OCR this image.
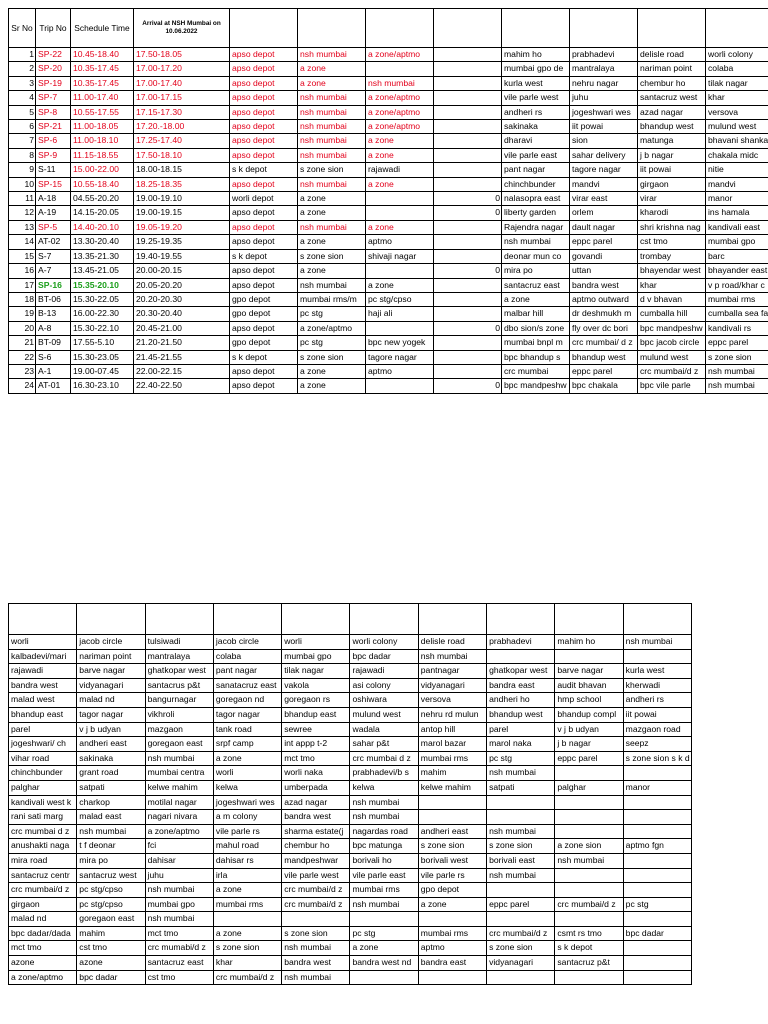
Sr No	Trip No	Schedule Time	Arrival at NSH Mumbai on 10.06.2022								
1	SP-22	10.45-18.40	17.50-18.05	apso depot	nsh mumbai	a zone/aptmo		mahim ho	prabhadevi	delisle road	worli colony
2	SP-20	10.35-17.45	17.00-17.20	apso depot	a zone			mumbai gpo de	mantralaya	nariman point	colaba
3	SP-19	10.35-17.45	17.00-17.40	apso depot	a zone	nsh mumbai		kurla west	nehru nagar	chembur ho	tilak nagar
4	SP-7	11.00-17.40	17.00-17.15	apso depot	nsh mumbai	a zone/aptmo		vile parle west	juhu	santacruz west	khar
5	SP-8	10.55-17.55	17.15-17.30	apso depot	nsh mumbai	a zone/aptmo		andheri rs	jogeshwari wes	azad nagar	versova
6	SP-21	11.00-18.05	17.20.-18.00	apso depot	nsh mumbai	a zone/aptmo		sakinaka	iit powai	bhandup west	mulund west
7	SP-6	11.00-18.10	17.25-17.40	apso depot	nsh mumbai	a zone		dharavi	sion	matunga	bhavani shanka
8	SP-9	11.15-18.55	17.50-18.10	apso depot	nsh mumbai	a zone		vile parle east	sahar delivery	j b nagar	chakala midc
9	S-11	15.00-22.00	18.00-18.15	s k depot	s zone sion	rajawadi		pant nagar	tagore nagar	iit powai	nitie
10	SP-15	10.55-18.40	18.25-18.35	apso depot	nsh mumbai	a zone		chinchbunder	mandvi	girgaon	mandvi
11	A-18	04.55-20.20	19.00-19.10	worli depot	a zone		0	nalasopra east	virar east	virar	manor
12	A-19	14.15-20.05	19.00-19.15	apso depot	a zone		0	liberty garden	orlem	kharodi	ins hamala
13	SP-5	14.40-20.10	19.05-19.20	apso depot	nsh mumbai	a zone		Rajendra nagar	dault nagar	shri krishna nag	kandivali east
14	AT-02	13.30-20.40	19.25-19.35	apso depot	a zone	aptmo		nsh mumbai	eppc parel	cst tmo	mumbai gpo
15	S-7	13.35-21.30	19.40-19.55	s k depot	s zone sion	shivaji nagar		deonar mun co	govandi	trombay	barc
16	A-7	13.45-21.05	20.00-20.15	apso depot	a zone		0	mira po	uttan	bhayendar west	bhayander east
17	SP-16	15.35-20.10	20.05-20.20	apso depot	nsh mumbai	a zone		santacruz east	bandra west	khar	v p road/khar c
18	BT-06	15.30-22.05	20.20-20.30	gpo depot	mumbai rms/m	pc stg/cpso		a zone	aptmo outward	d v bhavan	mumbai rms
19	B-13	16.00-22.30	20.30-20.40	gpo depot	pc stg	haji ali		malbar hill	dr deshmukh m	cumballa hill	cumballa sea fa
20	A-8	15.30-22.10	20.45-21.00	apso depot	a zone/aptmo		0	dbo sion/s zone	fly over dc bori	bpc mandpeshw	kandivali rs
21	BT-09	17.55-5.10	21.20-21.50	gpo depot	pc stg	bpc new yogek		mumbai bnpl m	crc mumbai/ d z	bpc jacob circle	eppc parel
22	S-6	15.30-23.05	21.45-21.55	s k depot	s zone sion	tagore nagar		bpc bhandup s	bhandup west	mulund west	s zone sion
23	A-1	19.00-07.45	22.00-22.15	apso depot	a zone	aptmo		crc mumbai	eppc parel	crc mumbai/d z	nsh mumbai
24	AT-01	16.30-23.10	22.40-22.50	apso depot	a zone		0	bpc mandpeshw	bpc chakala	bpc vile parle	nsh mumbai

worli	jacob circle	tulsiwadi	jacob circle	worli	worli colony	delisle road	prabhadevi	mahim ho	nsh mumbai
kalbadevi/mari	nariman point	mantralaya	colaba	mumbai gpo	bpc dadar	nsh mumbai			
rajawadi	barve nagar	ghatkopar west	pant nagar	tilak nagar	rajawadi	pantnagar	ghatkopar west	barve nagar	kurla west
bandra west	vidyanagari	santacrus p&t	sanatacruz east	vakola	asi colony	vidyanagari	bandra east	audit bhavan	kherwadi
malad west	malad nd	bangurnagar	goregaon nd	goregaon rs	oshiwara	versova	andheri ho	hmp school	andheri rs
bhandup east	tagor nagar	vikhroli	tagor nagar	bhandup east	mulund west	nehru rd mulun	bhandup west	bhandup compl	iit powai
parel	v j b udyan	mazgaon	tank road	sewree	wadala	antop hill	parel	v j b udyan	mazgaon road
jogeshwari/ ch	andheri east	goregaon east	srpf camp	int appp t-2	sahar p&t	marol bazar	marol naka	j b nagar	seepz
vihar road	sakinaka	nsh mumbai	a zone	mct tmo	crc mumbai d z	mumbai rms	pc stg	eppc parel	s zone sion s k d
chinchbunder	grant road	mumbai centra	worli	worli naka	prabhadevi/b s	mahim	nsh mumbai		
palghar	satpati	kelwe mahim	kelwa	umberpada	kelwa	kelwe mahim	satpati	palghar	manor
kandivali west k	charkop	motilal nagar	jogeshwari wes	azad nagar	nsh mumbai				
rani sati marg	malad east	nagari nivara	a m colony	bandra west	nsh mumbai				
crc mumbai d z	nsh mumbai	a zone/aptmo	vile parle rs	sharma estate(j	nagardas road	andheri east	nsh mumbai		
anushakti naga	t f deonar	fci	mahul road	chembur ho	bpc matunga	s zone sion	s zone sion	a zone sion	aptmo fgn
mira road	mira po	dahisar	dahisar rs	mandpeshwar	borivali ho	borivali west	borivali east	nsh mumbai	
santacruz centr	santacruz west	juhu	irla	vile parle west	vile parle east	vile parle rs	nsh mumbai		
crc mumbai/d z	pc stg/cpso	nsh mumbai	a zone	crc mumbai/d z	mumbai rms	gpo depot			
girgaon	pc stg/cpso	mumbai gpo	mumbai rms	crc mumbai/d z	nsh mumbai	a zone	eppc parel	crc mumbai/d z	pc stg
malad nd	goregaon east	nsh mumbai							
bpc dadar/dada	mahim	mct tmo	a zone	s zone sion	pc stg	mumbai rms	crc mumbai/d z	csmt rs tmo	bpc dadar
mct tmo	cst tmo	crc mumabi/d z	s zone sion	nsh mumbai	a zone	aptmo	s zone sion	s k depot	
azone	azone	santacruz east	khar	bandra west	bandra west nd	bandra east	vidyanagari	santacruz p&t	
a zone/aptmo	bpc dadar	cst tmo	crc mumbai/d z	nsh mumbai					
